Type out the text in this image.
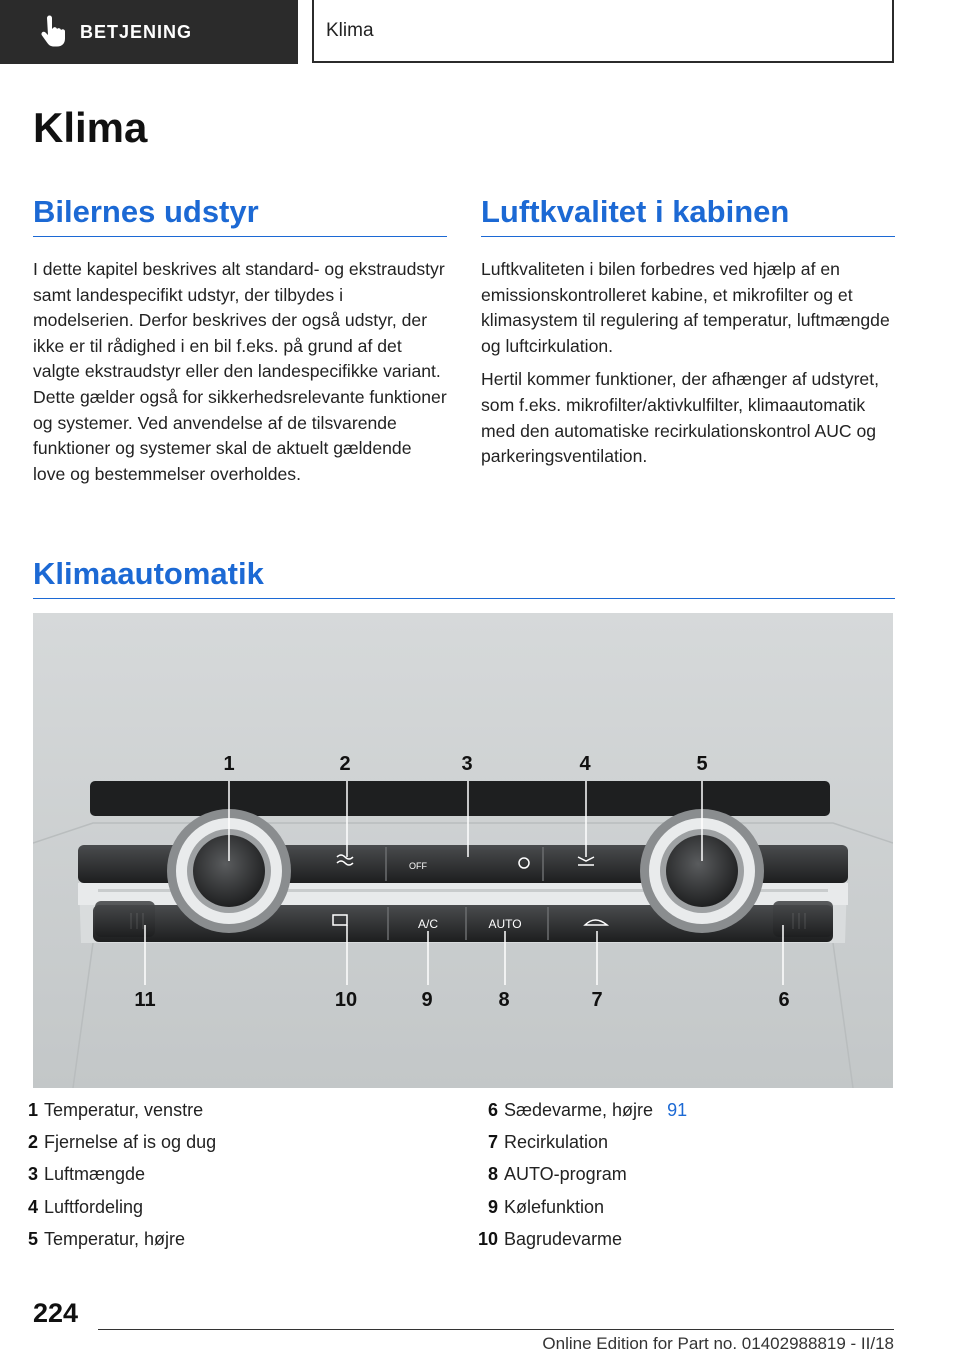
BETJENING	Klima
Klima
Bilernes udstyr

I dette kapitel beskrives alt standard- og ekstraudstyr samt landespecifikt udstyr, der tilbydes i modelserien. Derfor beskrives der også udstyr, der ikke er til rådighed i en bil f.eks. på grund af det valgte ekstraudstyr eller den landespecifikke variant. Dette gælder også for sikkerhedsrelevante funktioner og systemer. Ved anvendelse af de tilsvarende funktioner og systemer skal de aktuelt gældende love og bestemmelser overholdes.

Luftkvalitet i kabinen

Luftkvaliteten i bilen forbedres ved hjælp af en emissionskontrolleret kabine, et mikrofilter og et klimasystem til regulering af temperatur, luftmængde og luftcirkulation.

Hertil kommer funktioner, der afhænger af udstyret, som f.eks. mikrofilter/aktivkulfilter, klimaautomatik med den automatiske recirkulationskontrol AUC og parkeringsventilation.

Klimaautomatik
OFF
A/C	AUTO
1	2	3	4	5
11	10	9	8	7	6
1 Temperatur, venstre
2 Fjernelse af is og dug
3 Luftmængde
4 Luftfordeling
5 Temperatur, højre
6 Sædevarme, højre 91
7 Recirkulation
8 AUTO-program
9 Kølefunktion
10 Bagrudevarme
224
Online Edition for Part no. 01402988819 - II/18
